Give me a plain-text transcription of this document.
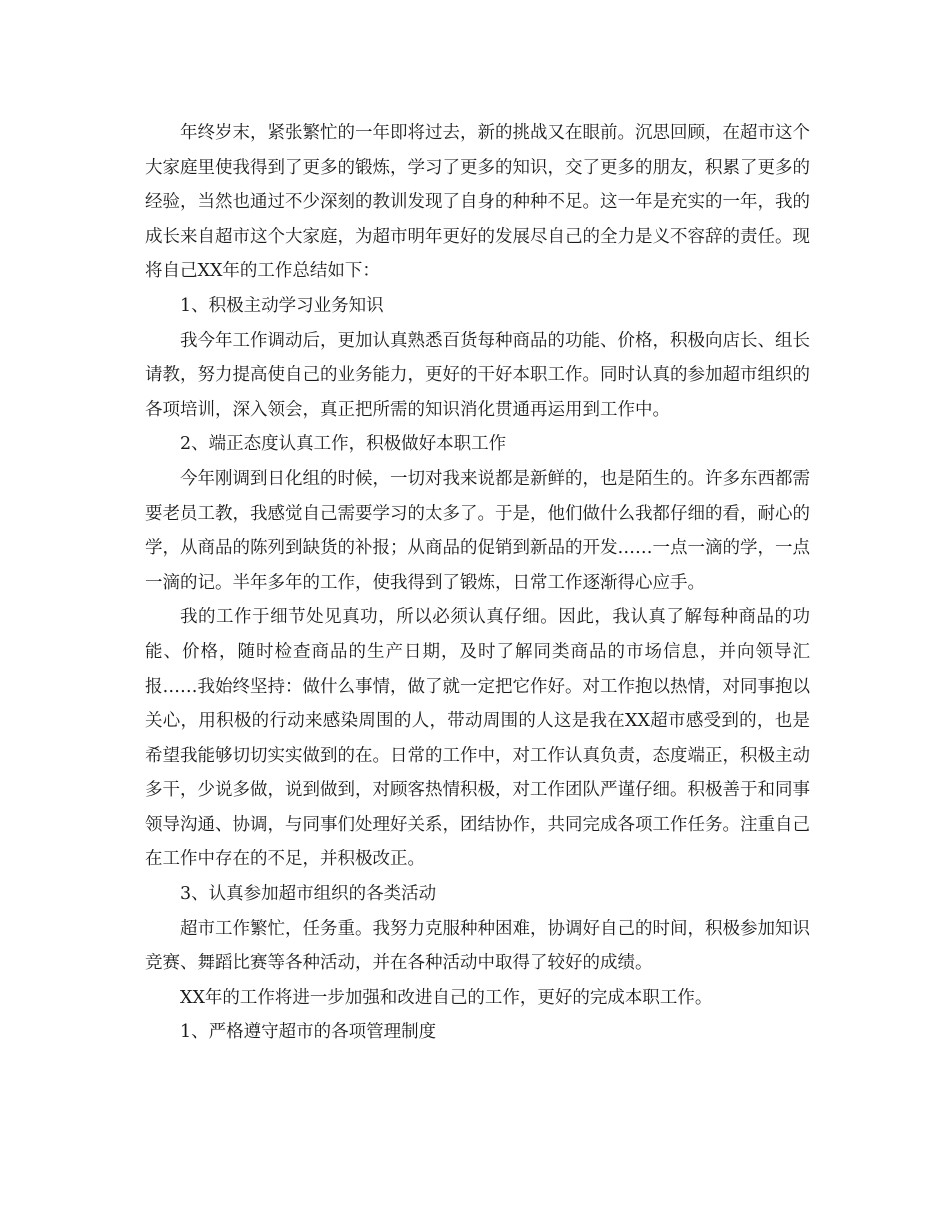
年终岁末，紧张繁忙的一年即将过去，新的挑战又在眼前。沉思回顾，在超市这个大家庭里使我得到了更多的锻炼，学习了更多的知识，交了更多的朋友，积累了更多的经验，当然也通过不少深刻的教训发现了自身的种种不足。这一年是充实的一年，我的成长来自超市这个大家庭，为超市明年更好的发展尽自己的全力是义不容辞的责任。现将自己XX年的工作总结如下：

1、积极主动学习业务知识

我今年工作调动后，更加认真熟悉百货每种商品的功能、价格，积极向店长、组长请教，努力提高使自己的业务能力，更好的干好本职工作。同时认真的参加超市组织的各项培训，深入领会，真正把所需的知识消化贯通再运用到工作中。

2、端正态度认真工作，积极做好本职工作

今年刚调到日化组的时候，一切对我来说都是新鲜的，也是陌生的。许多东西都需要老员工教，我感觉自己需要学习的太多了。于是，他们做什么我都仔细的看，耐心的学，从商品的陈列到缺货的补报；从商品的促销到新品的开发……一点一滴的学，一点一滴的记。半年多年的工作，使我得到了锻炼，日常工作逐渐得心应手。

我的工作于细节处见真功，所以必须认真仔细。因此，我认真了解每种商品的功能、价格，随时检查商品的生产日期，及时了解同类商品的市场信息，并向领导汇报……我始终坚持：做什么事情，做了就一定把它作好。对工作抱以热情，对同事抱以关心，用积极的行动来感染周围的人，带动周围的人这是我在XX超市感受到的，也是希望我能够切切实实做到的在。日常的工作中，对工作认真负责，态度端正，积极主动多干，少说多做，说到做到，对顾客热情积极，对工作团队严谨仔细。积极善于和同事领导沟通、协调，与同事们处理好关系，团结协作，共同完成各项工作任务。注重自己在工作中存在的不足，并积极改正。

3、认真参加超市组织的各类活动

超市工作繁忙，任务重。我努力克服种种困难，协调好自己的时间，积极参加知识竞赛、舞蹈比赛等各种活动，并在各种活动中取得了较好的成绩。

XX年的工作将进一步加强和改进自己的工作，更好的完成本职工作。

1、严格遵守超市的各项管理制度
